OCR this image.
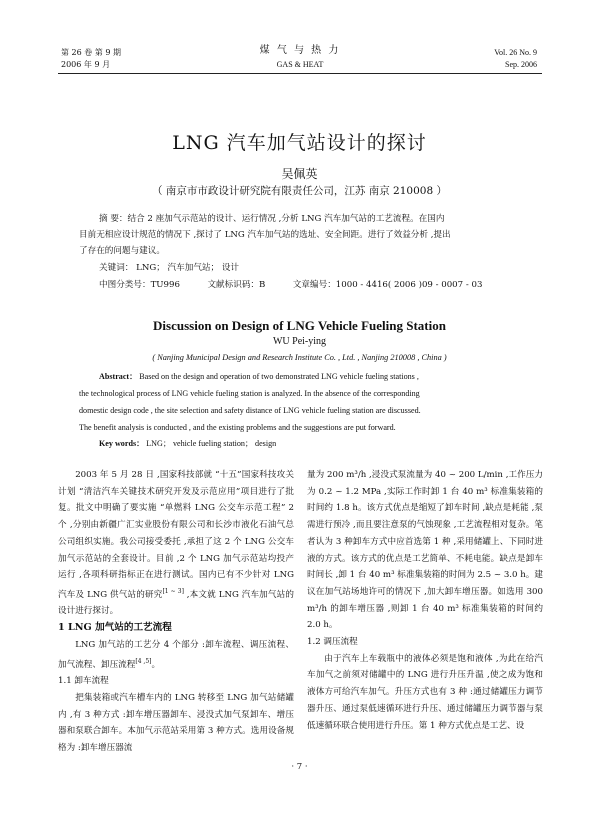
第 26 卷 第 9 期
2006 年 9 月
煤 气 与 热 力
GAS & HEAT
Vol. 26 No. 9
Sep. 2006
LNG 汽车加气站设计的探讨
吴佩英
（ 南京市市政设计研究院有限责任公司，江苏 南京 210008 ）
摘 要：结合 2 座加气示范站的设计、运行情况 ,分析 LNG 汽车加气站的工艺流程。在国内
目前无相应设计规范的情况下 ,探讨了 LNG 汽车加气站的选址、安全间距。进行了效益分析 ,提出
了存在的问题与建议。
关键词： LNG； 汽车加气站； 设计
中图分类号：TU996	文献标识码：B	文章编号：1000 - 4416( 2006 )09 - 0007 - 03
Discussion on Design of LNG Vehicle Fueling Station
WU Pei-ying
( Nanjing Municipal Design and Research Institute Co. , Ltd. , Nanjing 210008 , China )
Abstract： Based on the design and operation of two demonstrated LNG vehicle fueling stations ,
the technological process of LNG vehicle fueling station is analyzed. In the absence of the corresponding
domestic design code , the site selection and safety distance of LNG vehicle fueling station are discussed.
The benefit analysis is conducted , and the existing problems and the suggestions are put forward.
Key words： LNG； vehicle fueling station； design

2003 年 5 月 28 日 ,国家科技部就 “十五”国家科技攻关计划 “清洁汽车关键技术研究开发及示范应用”项目进行了批复。批文中明确了要实施 “单燃料 LNG 公交车示范工程” 2 个 ,分别由新疆广汇实业股份有限公司和长沙市液化石油气总公司组织实施。我公司接受委托 ,承担了这 2 个 LNG 公交车加气示范站的全套设计。目前 ,2 个 LNG 加气示范站均投产运行 ,各项科研指标正在进行测试。国内已有不少针对 LNG 汽车及 LNG 供气站的研究[1 ~ 3] ,本文就 LNG 汽车加气站的设计进行探讨。

1 LNG 加气站的工艺流程

LNG 加气站的工艺分 4 个部分 :卸车流程、调压流程、加气流程、卸压流程[4 ,5]。

1.1 卸车流程

把集装箱或汽车槽车内的 LNG 转移至 LNG 加气站储罐内 ,有 3 种方式 :卸车增压器卸车、浸没式加气泵卸车、增压器和泵联合卸车。本加气示范站采用第 3 种方式。选用设备规格为 :卸车增压器流

量为 200 m³/h ,浸没式泵流量为 40 ~ 200 L/min ,工作压力为 0.2 ~ 1.2 MPa ,实际工作时卸 1 台 40 m³ 标准集装箱的时间约 1.8 h。该方式优点是缩短了卸车时间 ,缺点是耗能 ,泵需进行预冷 ,而且要注意泵的气蚀现象 ,工艺流程相对复杂。笔者认为 3 种卸车方式中应首选第 1 种 ,采用储罐上、下同时进液的方式。该方式的优点是工艺简单、不耗电能。缺点是卸车时间长 ,卸 1 台 40 m³ 标准集装箱的时间为 2.5 ~ 3.0 h。建议在加气站场地许可的情况下 ,加大卸车增压器。如选用 300 m³/h 的卸车增压器 ,则卸 1 台 40 m³ 标准集装箱的时间约 2.0 h。

1.2 调压流程

由于汽车上车载瓶中的液体必须是饱和液体 ,为此在给汽车加气之前须对储罐中的 LNG 进行升压升温 ,使之成为饱和液体方可给汽车加气。升压方式也有 3 种 :通过储罐压力调节器升压、通过泵低速循环进行升压、通过储罐压力调节器与泵低速循环联合使用进行升压。第 1 种方式优点是工艺、设

· 7 ·
